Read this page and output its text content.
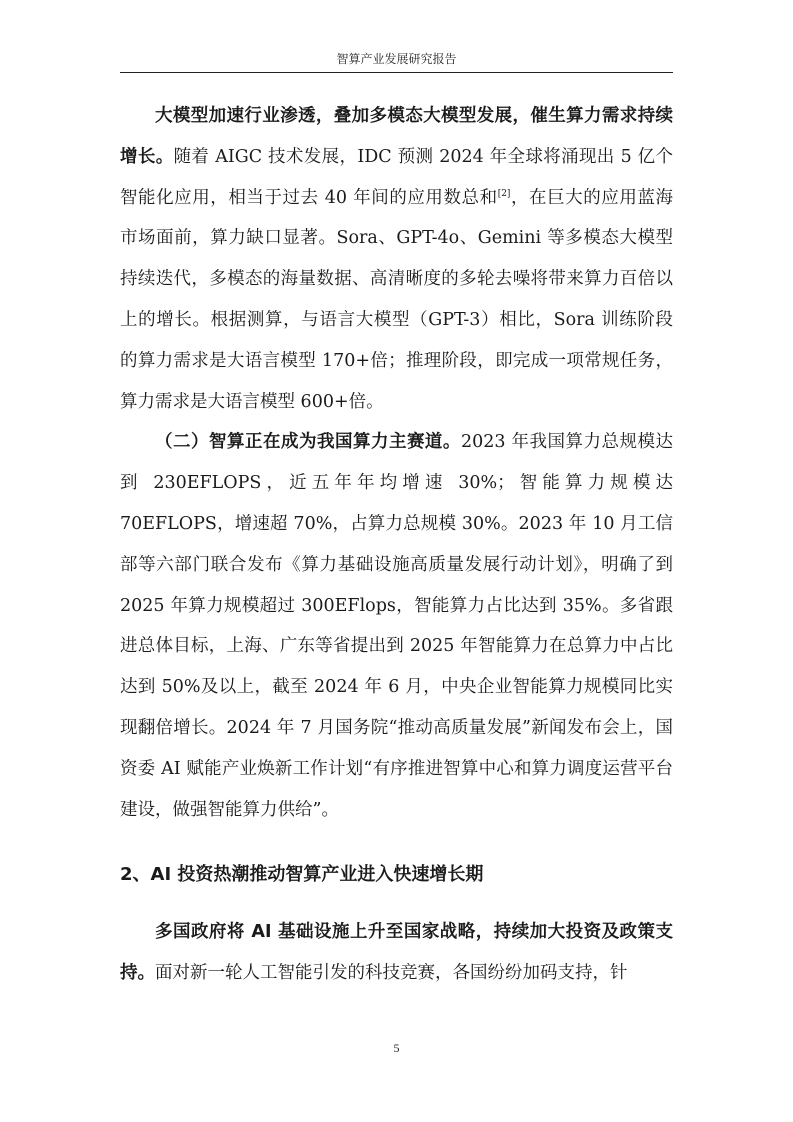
智算产业发展研究报告

大模型加速行业渗透，叠加多模态大模型发展，催生算力需求持续增长。随着 AIGC 技术发展，IDC 预测 2024 年全球将涌现出 5 亿个智能化应用，相当于过去 40 年间的应用数总和[2]，在巨大的应用蓝海市场面前，算力缺口显著。Sora、GPT-4o、Gemini 等多模态大模型持续迭代，多模态的海量数据、高清晰度的多轮去噪将带来算力百倍以上的增长。根据测算，与语言大模型（GPT-3）相比，Sora 训练阶段的算力需求是大语言模型 170+倍；推理阶段，即完成一项常规任务，算力需求是大语言模型 600+倍。

（二）智算正在成为我国算力主赛道。2023 年我国算力总规模达到 230EFLOPS，近五年年均增速 30%；智能算力规模达 70EFLOPS，增速超 70%，占算力总规模 30%。2023 年 10 月工信部等六部门联合发布《算力基础设施高质量发展行动计划》，明确了到 2025 年算力规模超过 300EFlops，智能算力占比达到 35%。多省跟进总体目标，上海、广东等省提出到 2025 年智能算力在总算力中占比达到 50%及以上，截至 2024 年 6 月，中央企业智能算力规模同比实现翻倍增长。2024 年 7 月国务院“推动高质量发展”新闻发布会上，国资委 AI 赋能产业焕新工作计划“有序推进智算中心和算力调度运营平台建设，做强智能算力供给”。

2、AI 投资热潮推动智算产业进入快速增长期

多国政府将 AI 基础设施上升至国家战略，持续加大投资及政策支持。面对新一轮人工智能引发的科技竞赛，各国纷纷加码支持，针

5
